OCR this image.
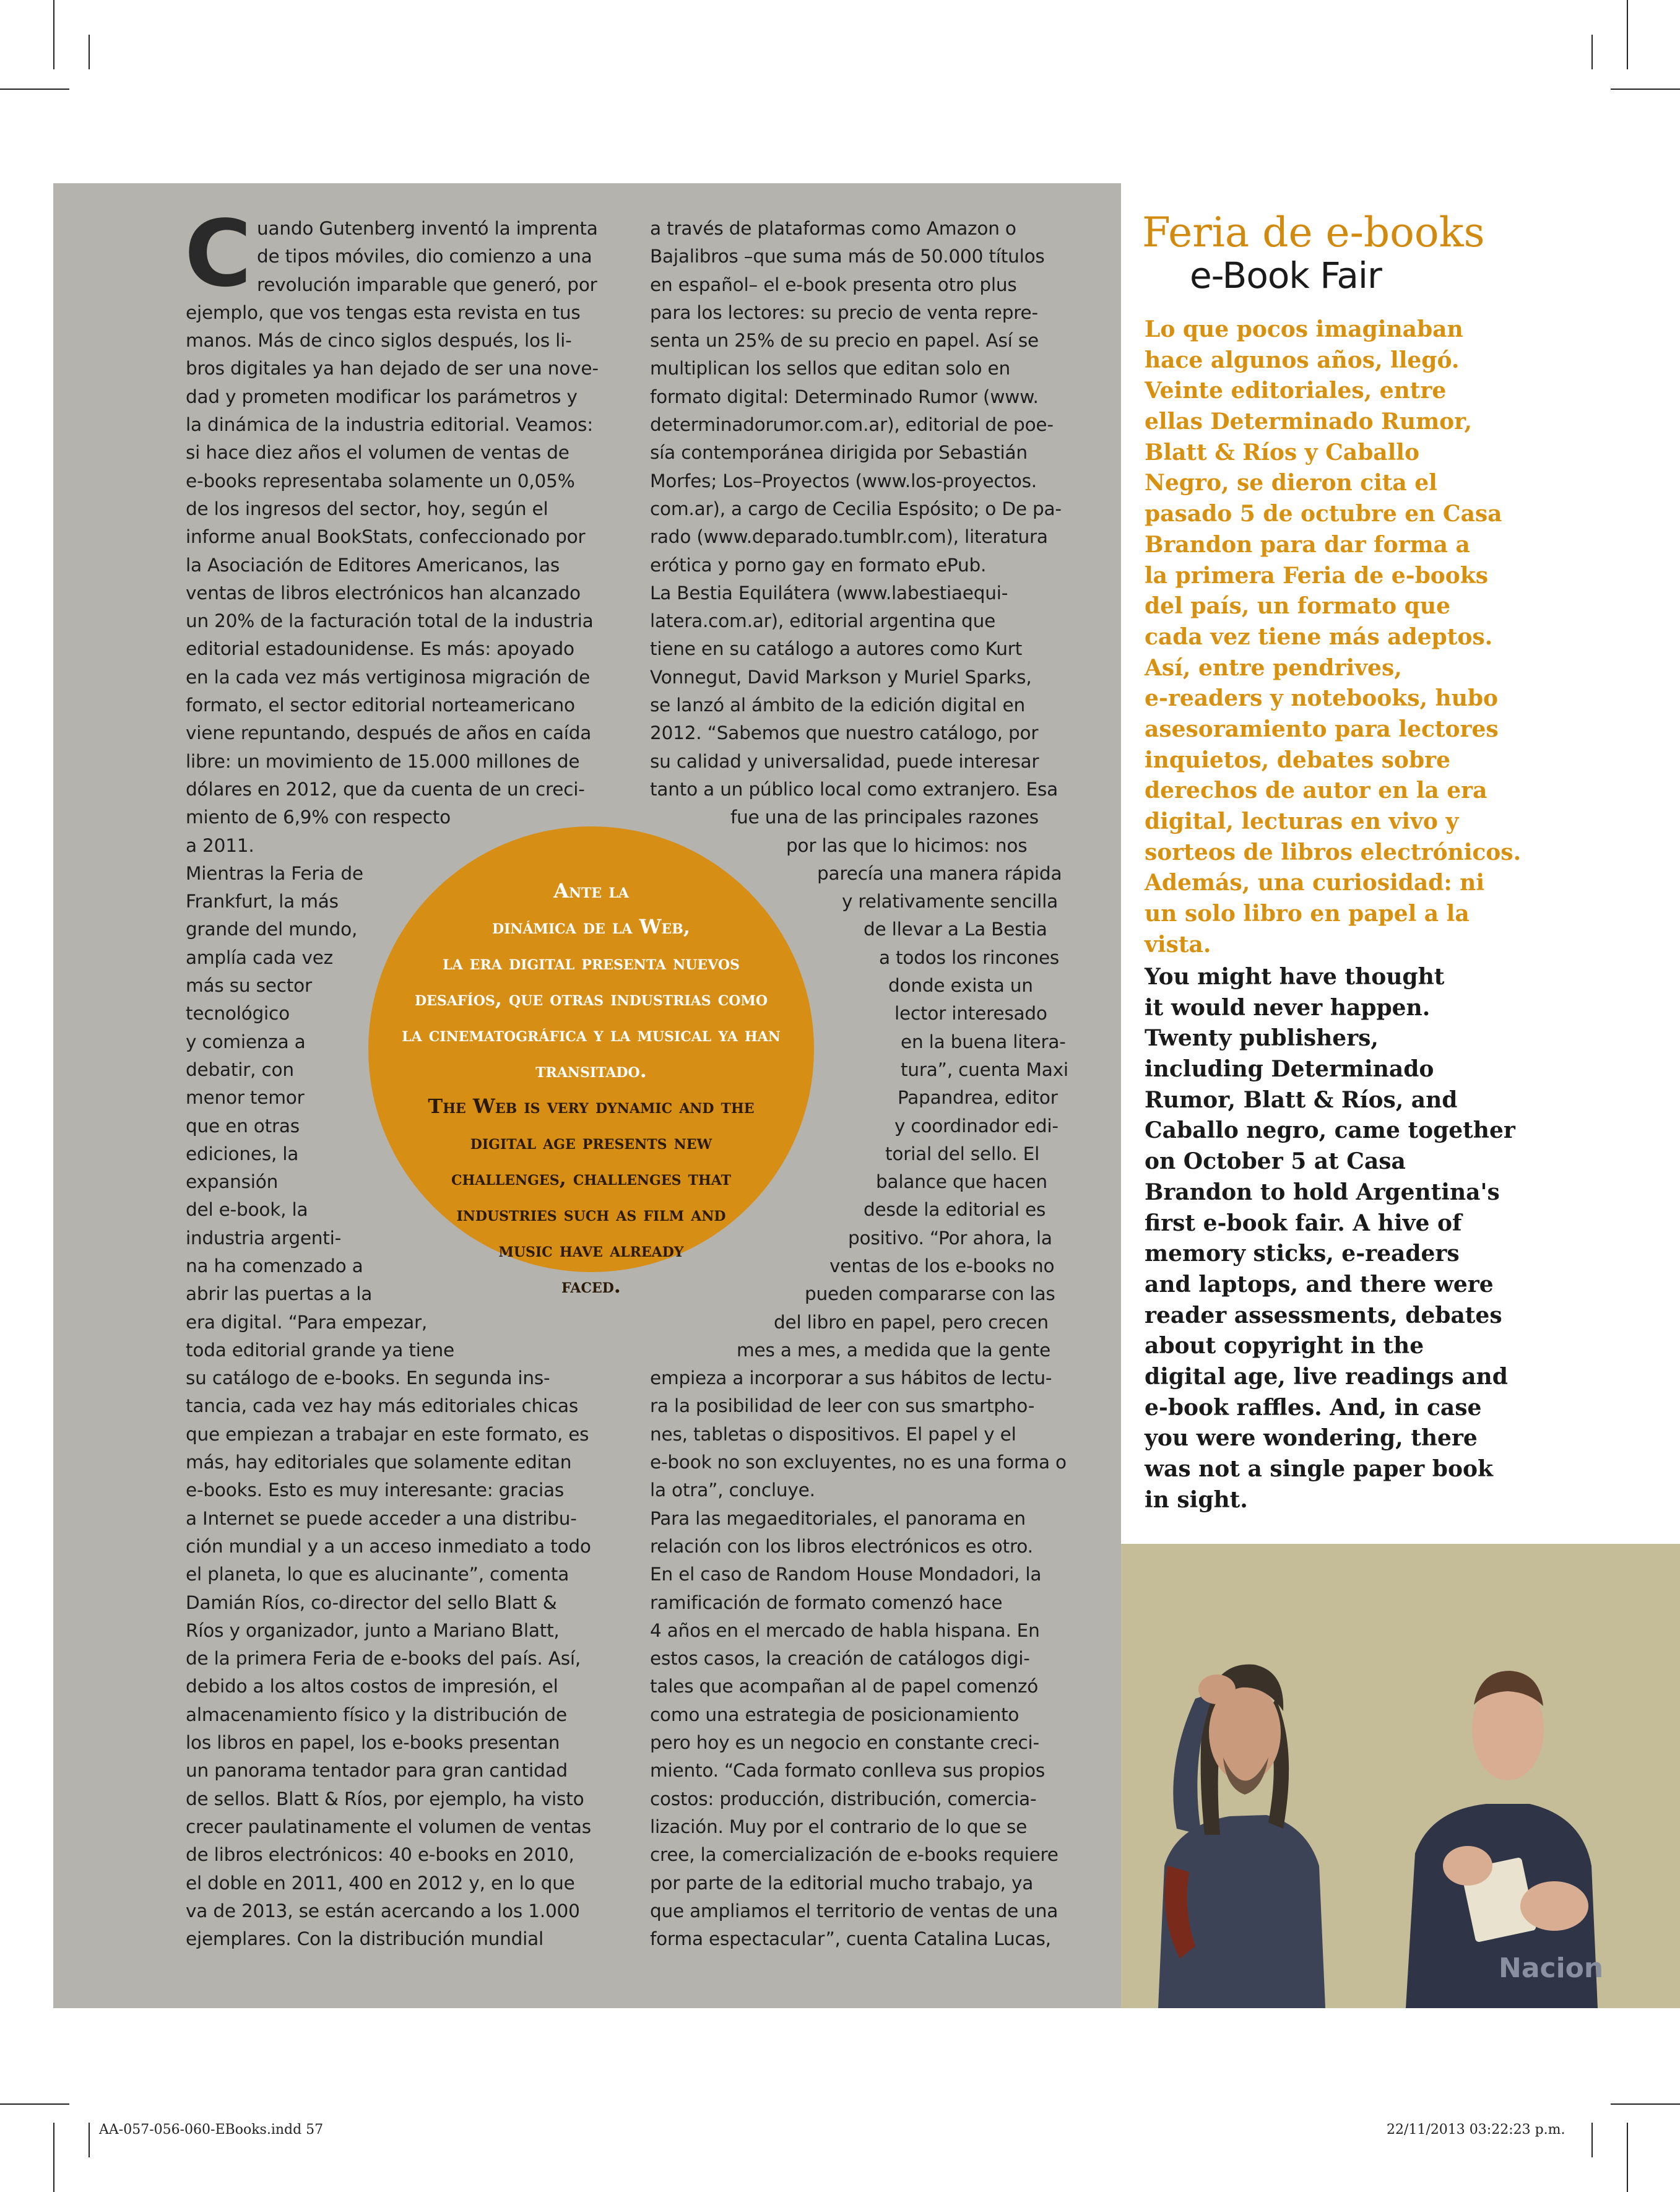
C uando Gutenberg inventó la imprenta
de tipos móviles, dio comienzo a una
revolución imparable que generó, por
ejemplo, que vos tengas esta revista en tus
manos. Más de cinco siglos después, los li-
bros digitales ya han dejado de ser una nove-
dad y prometen modificar los parámetros y
la dinámica de la industria editorial. Veamos:
si hace diez años el volumen de ventas de
e-books representaba solamente un 0,05%
de los ingresos del sector, hoy, según el
informe anual BookStats, confeccionado por
la Asociación de Editores Americanos, las
ventas de libros electrónicos han alcanzado
un 20% de la facturación total de la industria
editorial estadounidense. Es más: apoyado
en la cada vez más vertiginosa migración de
formato, el sector editorial norteamericano
viene repuntando, después de años en caída
libre: un movimiento de 15.000 millones de
dólares en 2012, que da cuenta de un creci-
miento de 6,9% con respecto
a 2011.
Mientras la Feria de
Frankfurt, la más
grande del mundo,
amplía cada vez
más su sector
tecnológico
y comienza a
debatir, con
menor temor
que en otras
ediciones, la
expansión
del e-book, la
industria argenti-
na ha comenzado a
abrir las puertas a la
era digital. “Para empezar,
toda editorial grande ya tiene
su catálogo de e-books. En segunda ins-
tancia, cada vez hay más editoriales chicas
que empiezan a trabajar en este formato, es
más, hay editoriales que solamente editan
e-books. Esto es muy interesante: gracias
a Internet se puede acceder a una distribu-
ción mundial y a un acceso inmediato a todo
el planeta, lo que es alucinante”, comenta
Damián Ríos, co-director del sello Blatt &
Ríos y organizador, junto a Mariano Blatt,
de la primera Feria de e-books del país. Así,
debido a los altos costos de impresión, el
almacenamiento físico y la distribución de
los libros en papel, los e-books presentan
un panorama tentador para gran cantidad
de sellos. Blatt & Ríos, por ejemplo, ha visto
crecer paulatinamente el volumen de ventas
de libros electrónicos: 40 e-books en 2010,
el doble en 2011, 400 en 2012 y, en lo que
va de 2013, se están acercando a los 1.000
ejemplares. Con la distribución mundial
a través de plataformas como Amazon o
Bajalibros –que suma más de 50.000 títulos
en español– el e-book presenta otro plus
para los lectores: su precio de venta repre-
senta un 25% de su precio en papel. Así se
multiplican los sellos que editan solo en
formato digital: Determinado Rumor (www.
determinadorumor.com.ar), editorial de poe-
sía contemporánea dirigida por Sebastián
Morfes; Los–Proyectos (www.los-proyectos.
com.ar), a cargo de Cecilia Espósito; o De pa-
rado (www.deparado.tumblr.com), literatura
erótica y porno gay en formato ePub.
La Bestia Equilátera (www.labestiaequi-
latera.com.ar), editorial argentina que
tiene en su catálogo a autores como Kurt
Vonnegut, David Markson y Muriel Sparks,
se lanzó al ámbito de la edición digital en
2012. “Sabemos que nuestro catálogo, por
su calidad y universalidad, puede interesar
tanto a un público local como extranjero. Esa
fue una de las principales razones
por las que lo hicimos: nos
parecía una manera rápida
y relativamente sencilla
de llevar a La Bestia
a todos los rincones
donde exista un
lector interesado
en la buena litera-
tura”, cuenta Maxi
Papandrea, editor
y coordinador edi-
torial del sello. El
balance que hacen
desde la editorial es
positivo. “Por ahora, la
ventas de los e-books no
pueden compararse con las
del libro en papel, pero crecen
mes a mes, a medida que la gente
empieza a incorporar a sus hábitos de lectu-
ra la posibilidad de leer con sus smartpho-
nes, tabletas o dispositivos. El papel y el
e-book no son excluyentes, no es una forma o
la otra”, concluye.
Para las megaeditoriales, el panorama en
relación con los libros electrónicos es otro.
En el caso de Random House Mondadori, la
ramificación de formato comenzó hace
4 años en el mercado de habla hispana. En
estos casos, la creación de catálogos digi-
tales que acompañan al de papel comenzó
como una estrategia de posicionamiento
pero hoy es un negocio en constante creci-
miento. “Cada formato conlleva sus propios
costos: producción, distribución, comercia-
lización. Muy por el contrario de lo que se
cree, la comercialización de e-books requiere
por parte de la editorial mucho trabajo, ya
que ampliamos el territorio de ventas de una
forma espectacular”, cuenta Catalina Lucas,
Ante la
dinámica de la Web,
la era digital presenta nuevos
desafíos, que otras industrias como
la cinematográfica y la musical ya han
transitado.
The Web is very dynamic and the
digital age presents new
challenges, challenges that
industries such as film and
music have already
faced.
Feria de e-books
e-Book Fair
Lo que pocos imaginaban
hace algunos años, llegó.
Veinte editoriales, entre
ellas Determinado Rumor,
Blatt & Ríos y Caballo
Negro, se dieron cita el
pasado 5 de octubre en Casa
Brandon para dar forma a
la primera Feria de e-books
del país, un formato que
cada vez tiene más adeptos.
Así, entre pendrives,
e-readers y notebooks, hubo
asesoramiento para lectores
inquietos, debates sobre
derechos de autor en la era
digital, lecturas en vivo y
sorteos de libros electrónicos.
Además, una curiosidad: ni
un solo libro en papel a la
vista.
You might have thought
it would never happen.
Twenty publishers,
including Determinado
Rumor, Blatt & Ríos, and
Caballo negro, came together
on October 5 at Casa
Brandon to hold Argentina's
first e-book fair. A hive of
memory sticks, e-readers
and laptops, and there were
reader assessments, debates
about copyright in the
digital age, live readings and
e-book raffles. And, in case
you were wondering, there
was not a single paper book
in sight.
Nacion
AA-057-056-060-EBooks.indd 57	22/11/2013 03:22:23 p.m.
